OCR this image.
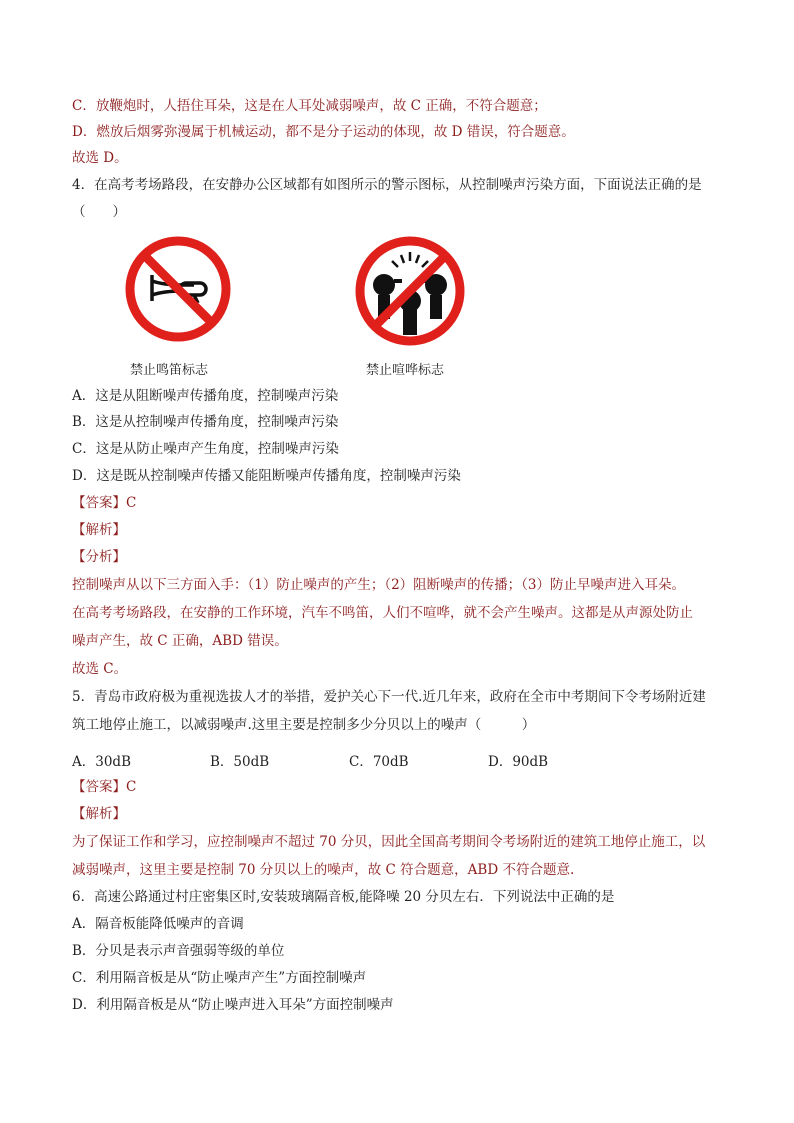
C．放鞭炮时，人捂住耳朵，这是在人耳处减弱噪声，故 C 正确，不符合题意；
D．燃放后烟雾弥漫属于机械运动，都不是分子运动的体现，故 D 错误，符合题意。
故选 D。
4．在高考考场路段，在安静办公区域都有如图所示的警示图标，从控制噪声污染方面，下面说法正确的是
（　　）
禁止鸣笛标志	禁止喧哗标志
A．这是从阻断噪声传播角度，控制噪声污染
B．这是从控制噪声传播角度，控制噪声污染
C．这是从防止噪声产生角度，控制噪声污染
D．这是既从控制噪声传播又能阻断噪声传播角度，控制噪声污染
【答案】C
【解析】
【分析】
控制噪声从以下三方面入手：（1）防止噪声的产生；（2）阻断噪声的传播；（3）防止早噪声进入耳朵。
在高考考场路段，在安静的工作环境，汽车不鸣笛，人们不喧哗，就不会产生噪声。这都是从声源处防止
噪声产生，故 C 正确，ABD 错误。
故选 C。
5．青岛市政府极为重视选拔人才的举措，爱护关心下一代.近几年来，政府在全市中考期间下令考场附近建
筑工地停止施工，以减弱噪声.这里主要是控制多少分贝以上的噪声（　　　）
A．30dB	B．50dB	C．70dB	D．90dB
【答案】C
【解析】
为了保证工作和学习，应控制噪声不超过 70 分贝，因此全国高考期间令考场附近的建筑工地停止施工，以
减弱噪声，这里主要是控制 70 分贝以上的噪声，故 C 符合题意，ABD 不符合题意.
6．高速公路通过村庄密集区时,安装玻璃隔音板,能降噪 20 分贝左右．下列说法中正确的是
A．隔音板能降低噪声的音调
B．分贝是表示声音强弱等级的单位
C．利用隔音板是从“防止噪声产生”方面控制噪声
D．利用隔音板是从“防止噪声进入耳朵”方面控制噪声
